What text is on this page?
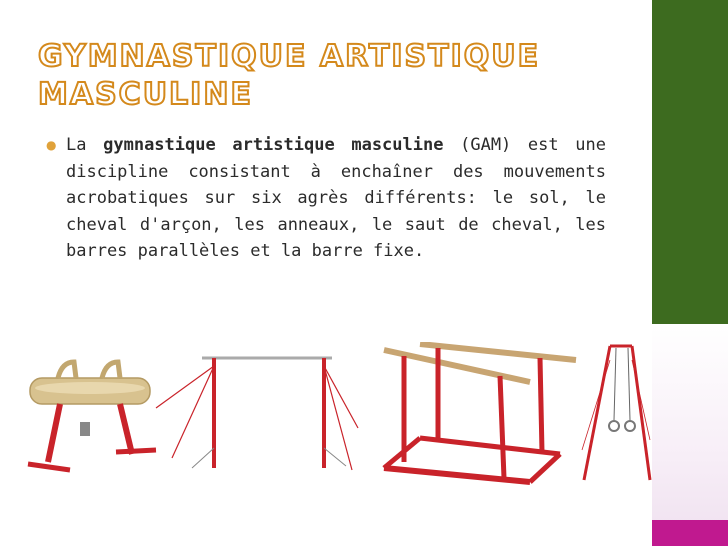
GYMNASTIQUE ARTISTIQUE MASCULINE
● La gymnastique artistique masculine (GAM) est une discipline consistant à enchaîner des mouvements acrobatiques sur six agrès différents: le sol, le cheval d'arçon, les anneaux, le saut de cheval, les barres parallèles et la barre fixe.
